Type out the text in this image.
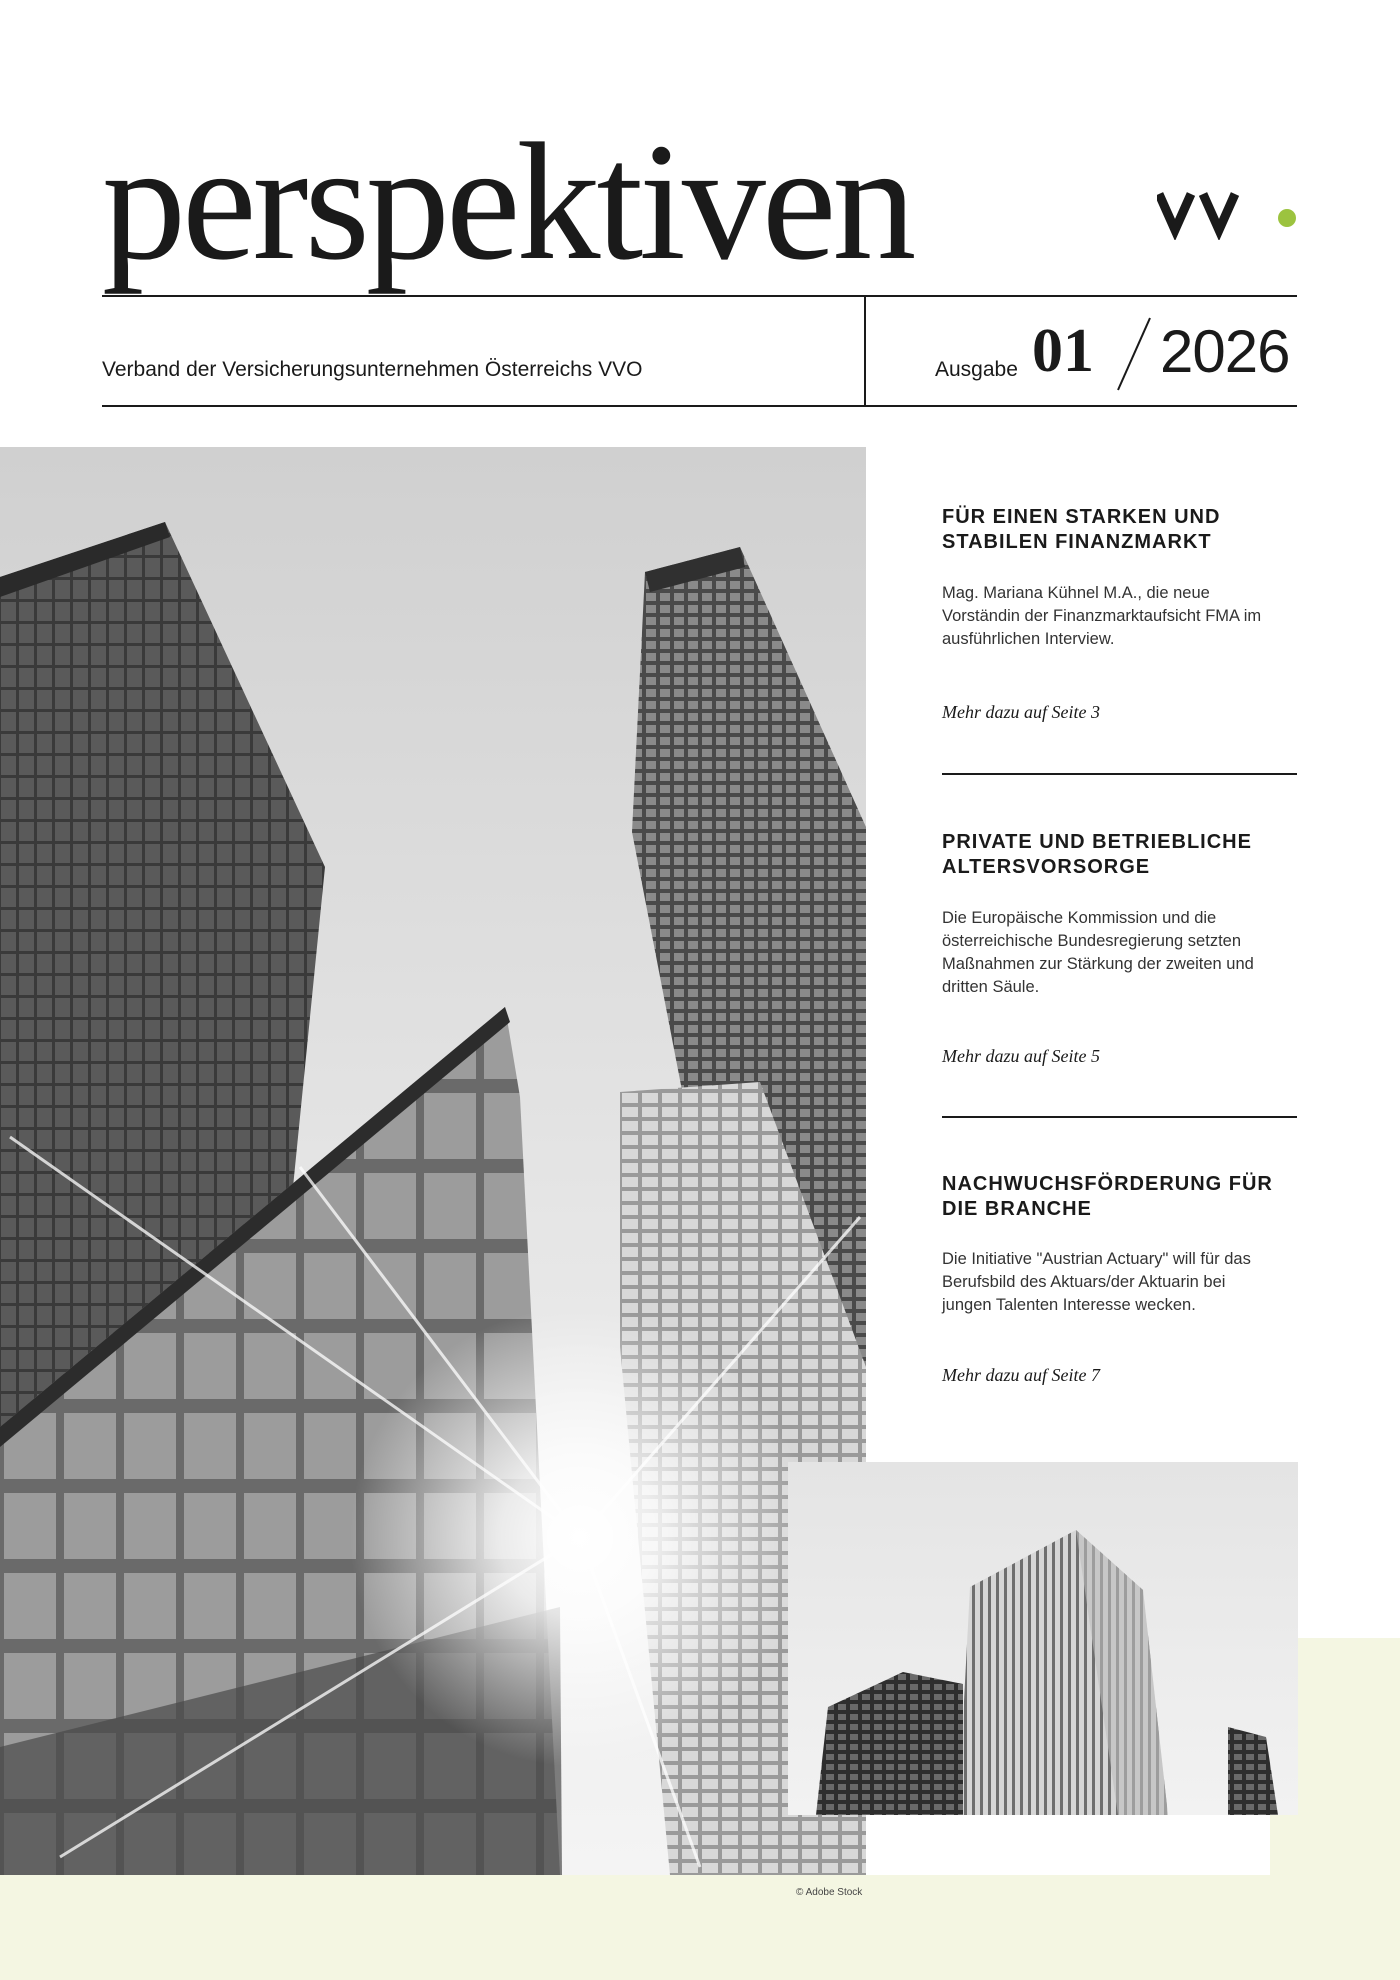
perspektiven
Verband der Versicherungsunternehmen Österreichs VVO	Ausgabe 01 2026
FÜR EINEN STARKEN UND STABILEN FINANZMARKT
Mag. Mariana Kühnel M.A., die neue Vorständin der Finanzmarktaufsicht FMA im ausführlichen Interview.
Mehr dazu auf Seite 3
PRIVATE UND BETRIEBLICHE ALTERSVORSORGE
Die Europäische Kommission und die österreichische Bundesregierung setzten Maßnahmen zur Stärkung der zweiten und dritten Säule.
Mehr dazu auf Seite 5
NACHWUCHSFÖRDERUNG FÜR DIE BRANCHE
Die Initiative "Austrian Actuary" will für das Berufsbild des Aktuars/der Aktuarin bei jungen Talenten Interesse wecken.
Mehr dazu auf Seite 7
© Adobe Stock
